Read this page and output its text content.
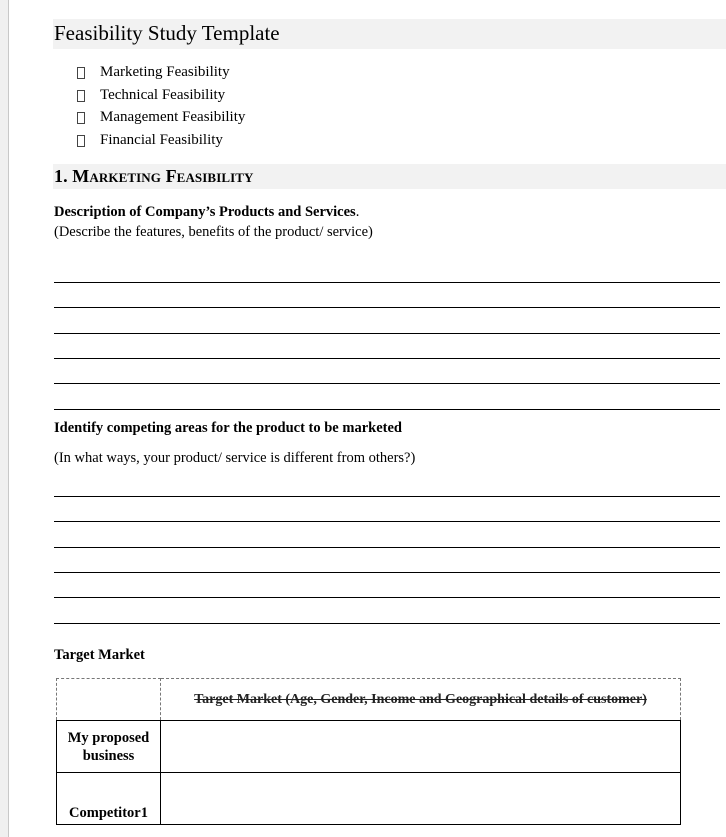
Feasibility Study Template
Marketing Feasibility
Technical Feasibility
Management Feasibility
Financial Feasibility
1. Marketing Feasibility
Description of Company’s Products and Services.
(Describe the features, benefits of the product/ service)
Identify competing areas for the product to be marketed
(In what ways, your product/ service is different from others?)
Target Market
	Target Market (Age, Gender, Income and Geographical details of customer)
My proposed business	
Competitor1	
